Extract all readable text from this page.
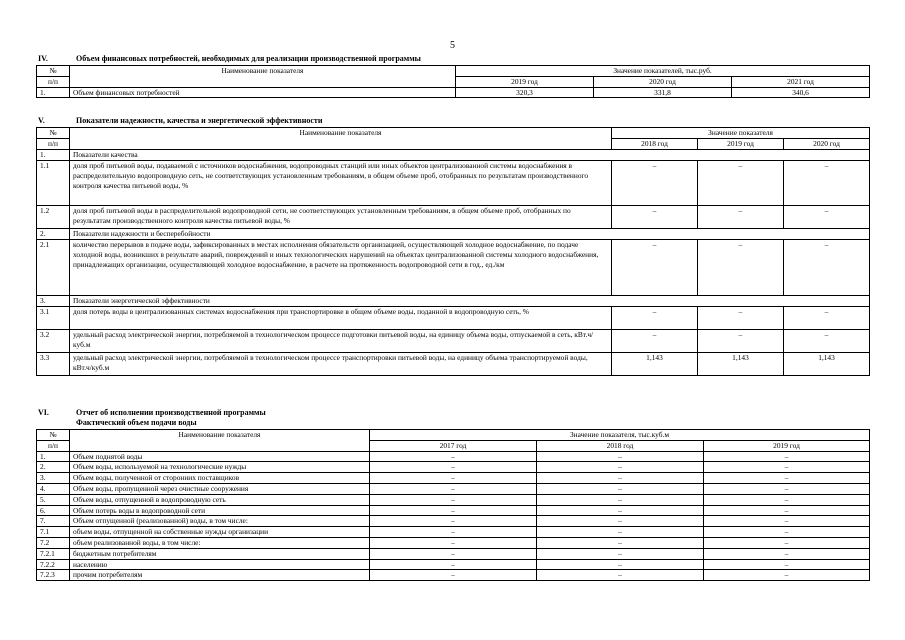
5
IV.	Объем финансовых потребностей, необходимых для реализации производственной программы
№	Наименование показателя	Значение показателей, тыс.руб.		
п/п		2019 год	2020 год	2021 год
1.	Объем финансовых потребностей	320,3	331,8	340,6
V.	Показатели надежности, качества и энергетической эффективности
№	Наименование показателя	Значение показателя		
п/п		2018 год	2019 год	2020 год
1.	Показатели качества			
1.1	доля проб питьевой воды, подаваемой с источников водоснабжения, водопроводных станций или иных объектов централизованной системы водоснабжения в распределительную водопроводную сеть, не соответствующих установленным требованиям, в общем объеме проб, отобранных по результатам производственного контроля качества питьевой воды, %	–	–	–
1.2	доля проб питьевой воды в распределительной водопроводной сети, не соответствующих установленным требованиям, в общем объеме проб, отобранных по результатам производственного контроля качества питьевой воды, %	–	–	–
2.	Показатели надежности и бесперебойности			
2.1	количество перерывов в подаче воды, зафиксированных в местах исполнения обязательств организацией, осуществляющей холодное водоснабжение, по подаче холодной воды, возникших в результате аварий, повреждений и иных технологических нарушений на объектах централизованной системы холодного водоснабжения, принадлежащих организации, осуществляющей холодное водоснабжение, в расчете на протяженность водопроводной сети в год., ед./км	–	–	–
3.	Показатели энергетической эффективности			
3.1	доля потерь воды в централизованных системах водоснабжения при транспортировке в общем объеме воды, поданной в водопроводную сеть, %	–	–	–
3.2	удельный расход электрической энергии, потребляемой в технологическом процессе подготовки питьевой воды, на единицу объема воды, отпускаемой в сеть, кВт.ч/куб.м	–	–	–
3.3	удельный расход электрической энергии, потребляемой в технологическом процессе транспортировки питьевой воды, на единицу объема транспортируемой воды, кВт.ч/куб.м	1,143	1,143	1,143
VI.	Отчет об исполнении производственной программы
Фактический объем подачи воды
№	Наименование показателя	Значение показателя, тыс.куб.м		
п/п		2017 год	2018 год	2019 год
1.	Объем поднятой воды	–	–	–
2.	Объем воды, используемой на технологические нужды	–	–	–
3.	Объем воды, полученной от сторонних поставщиков	–	–	–
4.	Объем воды, пропущенной через очистные сооружения	–	–	–
5.	Объем воды, отпущенной в водопроводную сеть	–	–	–
6.	Объем потерь воды в водопроводной сети	–	–	–
7.	Объем отпущенной (реализованной) воды, в том числе:	–	–	–
7.1	объем воды, отпущенной на собственные нужды организации	–	–	–
7.2	объем реализованной воды, в том числе:	–	–	–
7.2.1	бюджетным потребителям	–	–	–
7.2.2	населению	–	–	–
7.2.3	прочим потребителям	–	–	–
